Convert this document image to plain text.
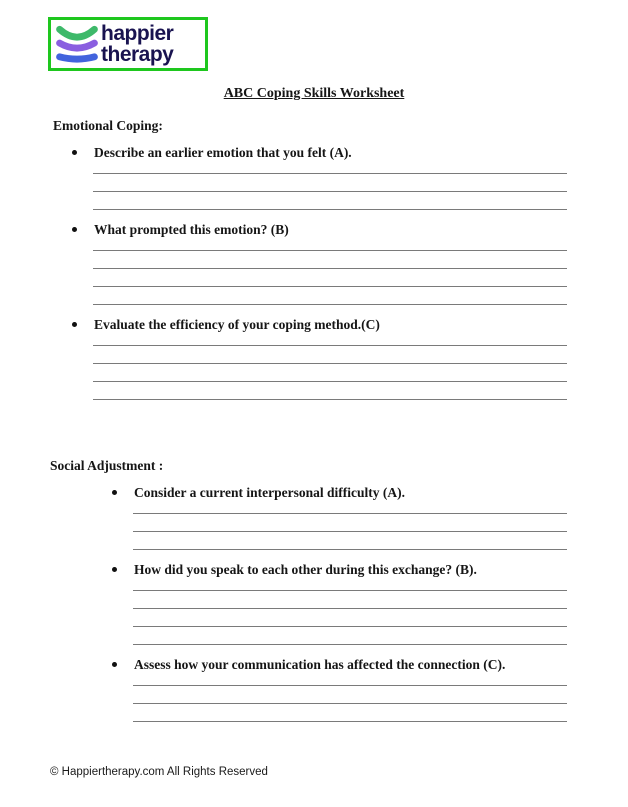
happier
therapy
ABC Coping Skills Worksheet
Emotional Coping:
Describe an earlier emotion that you felt (A).
What prompted this emotion? (B)
Evaluate the efficiency of your coping method.(C)
Social Adjustment :
Consider a current interpersonal difficulty (A).
How did you speak to each other during this exchange? (B).
Assess how your communication has affected the connection (C).
© Happiertherapy.com All Rights Reserved
